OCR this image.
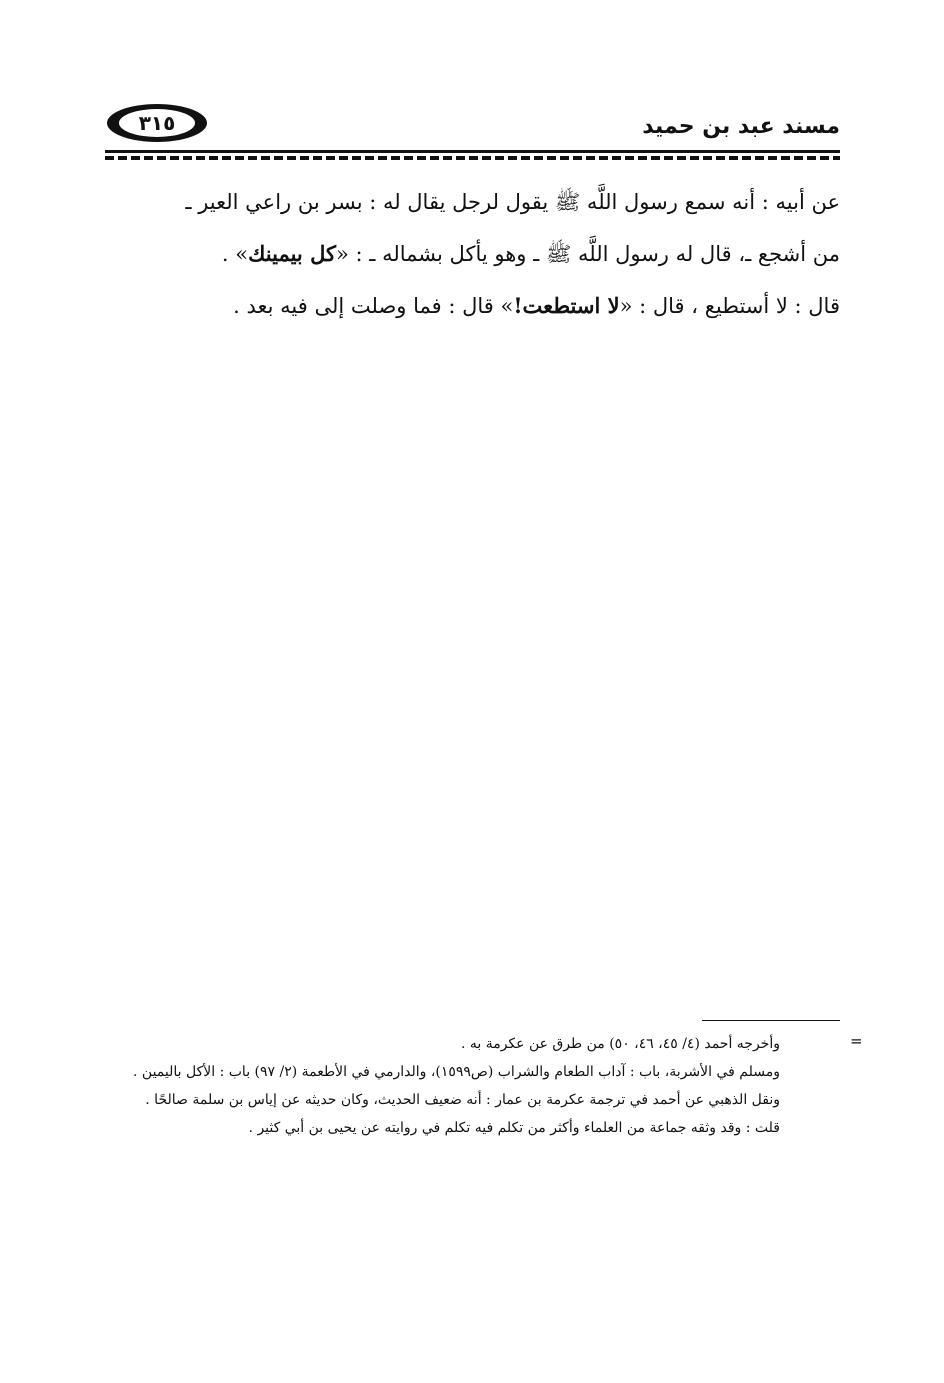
٣١٥	مسند عبد بن حميد
عن أبيه : أنه سمع رسول اللَّه ﷺ يقول لرجل يقال له : بسر بن راعي العير ـ
من أشجع ـ، قال له رسول اللَّه ﷺ ـ وهو يأكل بشماله ـ : «كل بيمينك» .
قال : لا أستطيع ، قال : «لا استطعت!» قال : فما وصلت إلى فيه بعد .
=

وأخرجه أحمد (٤/ ٤٥، ٤٦، ٥٠) من طرق عن عكرمة به .

ومسلم في الأشربة، باب : آداب الطعام والشراب (ص١٥٩٩)، والدارمي في الأطعمة (٢/ ٩٧) باب : الأكل باليمين .

ونقل الذهبي عن أحمد في ترجمة عكرمة بن عمار : أنه ضعيف الحديث، وكان حديثه عن إياس بن سلمة صالحًا .

قلت : وقد وثقه جماعة من العلماء وأكثر من تكلم فيه تكلم في روايته عن يحيى بن أبي كثير .
